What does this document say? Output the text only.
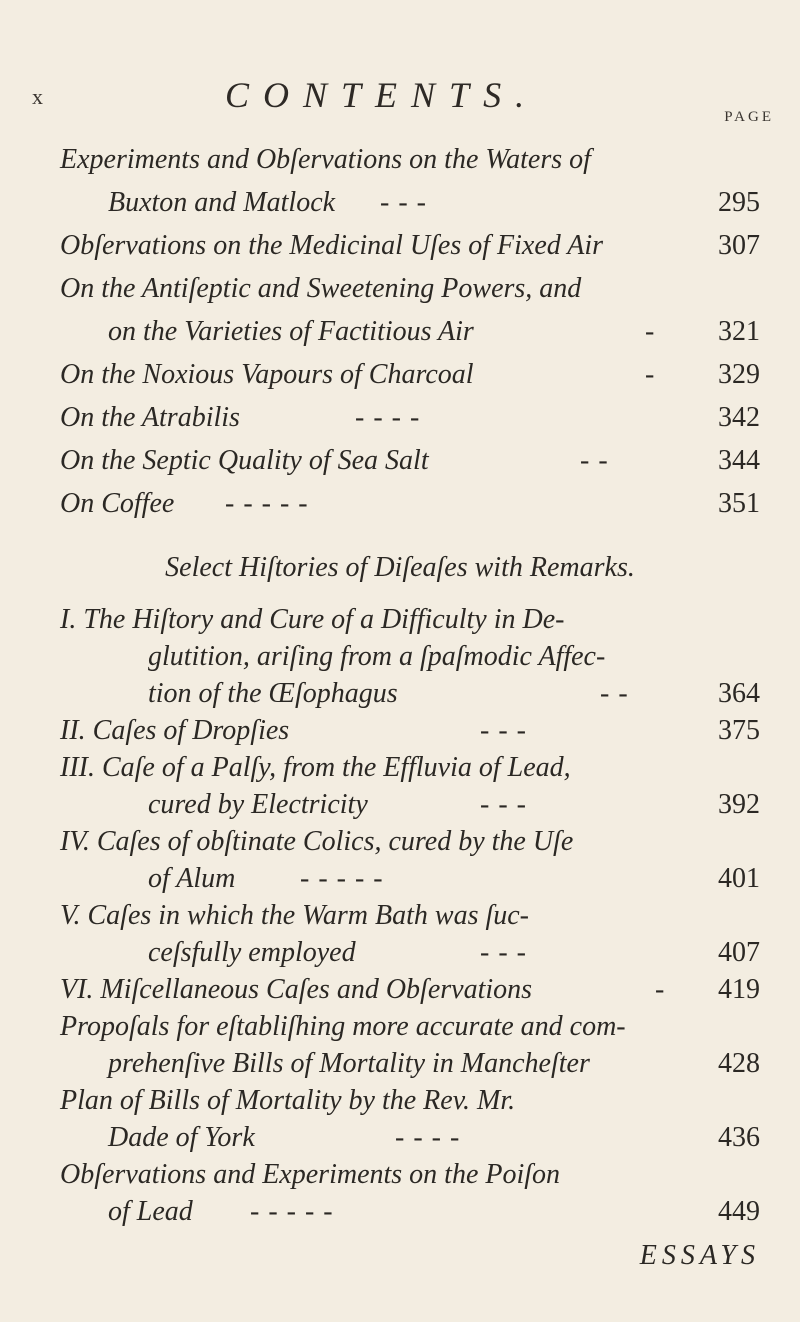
x	CONTENTS.
PAGE
Experiments and Obſervations on the Waters of
Buxton and Matlock - - -	295
Obſervations on the Medicinal Uſes of Fixed Air	307
On the Antiſeptic and Sweetening Powers, and
on the Varieties of Factitious Air	- 321
On the Noxious Vapours of Charcoal	- 329
On the Atrabilis	- - - -	342
On the Septic Quality of Sea Salt	- -	344
On Coffee - - - - -	351
Select Hiſtories of Diſeaſes with Remarks.
I. The Hiſtory and Cure of a Difficulty in De-
glutition, ariſing from a ſpaſmodic Affec-
tion of the Œſophagus	- -	364
II. Caſes of Dropſies	- - -	375
III. Caſe of a Palſy, from the Effluvia of Lead,
cured by Electricity	- - -	392
IV. Caſes of obſtinate Colics, cured by the Uſe
of Alum - - - - -	401
V. Caſes in which the Warm Bath was ſuc-
ceſsfully employed	- - -	407
VI. Miſcellaneous Caſes and Obſervations	- 419
Propoſals for eſtabliſhing more accurate and com-
prehenſive Bills of Mortality in Mancheſter	428
Plan of Bills of Mortality by the Rev. Mr.
Dade of York	- - - -	436
Obſervations and Experiments on the Poiſon
of Lead - - - - -	449
ESSAYS
